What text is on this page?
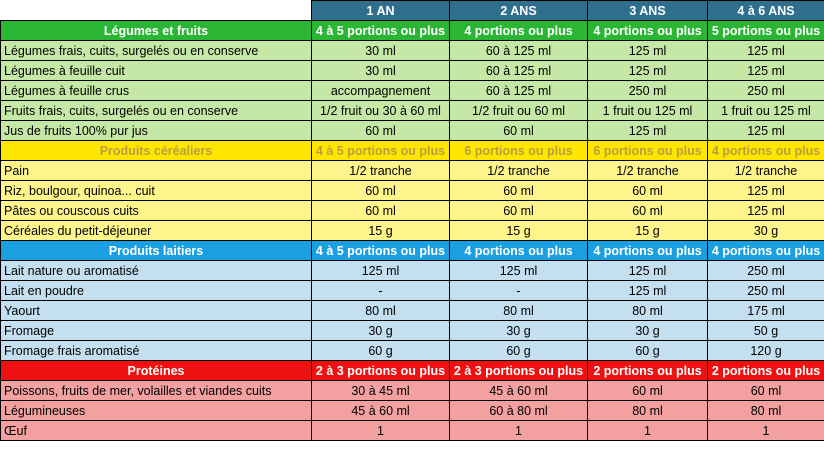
	1 AN	2 ANS	3 ANS	4 à 6 ANS
Légumes et fruits	4 à 5 portions ou plus	4 portions ou plus	4 portions ou plus	5 portions ou plus
Légumes frais, cuits, surgelés ou en conserve	30 ml	60 à 125 ml	125 ml	125 ml
Légumes à feuille cuit	30 ml	60 à 125 ml	125 ml	125 ml
Légumes à feuille crus	accompagnement	60 à 125 ml	250 ml	250 ml
Fruits frais, cuits, surgelés ou en conserve	1/2 fruit ou 30 à 60 ml	1/2 fruit ou 60 ml	1 fruit ou 125 ml	1 fruit ou 125 ml
Jus de fruits 100% pur jus	60 ml	60 ml	125 ml	125 ml
Produits céréaliers	4 à 5 portions ou plus	6 portions ou plus	6 portions ou plus	4 portions ou plus
Pain	1/2 tranche	1/2 tranche	1/2 tranche	1/2 tranche
Riz, boulgour, quinoa... cuit	60 ml	60 ml	60 ml	125 ml
Pâtes ou couscous cuits	60 ml	60 ml	60 ml	125 ml
Céréales du petit-déjeuner	15 g	15 g	15 g	30 g
Produits laitiers	4 à 5 portions ou plus	4 portions ou plus	4 portions ou plus	4 portions ou plus
Lait nature ou aromatisé	125 ml	125 ml	125 ml	250 ml
Lait en poudre	-	-	125 ml	250 ml
Yaourt	80 ml	80 ml	80 ml	175 ml
Fromage	30 g	30 g	30 g	50 g
Fromage frais aromatisé	60 g	60 g	60 g	120 g
Protéines	2 à 3 portions ou plus	2 à 3 portions ou plus	2 portions ou plus	2 portions ou plus
Poissons, fruits de mer, volailles et viandes cuits	30 à 45 ml	45 à 60 ml	60 ml	60 ml
Légumineuses	45 à 60 ml	60 à 80 ml	80 ml	80 ml
Œuf	1	1	1	1
